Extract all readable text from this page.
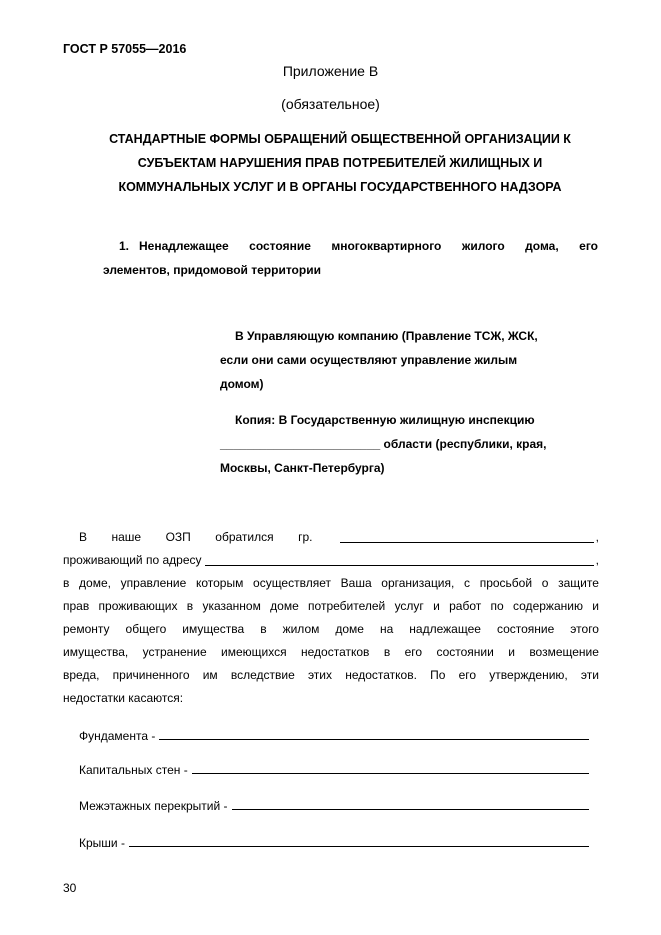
ГОСТ Р 57055—2016
Приложение В
(обязательное)
СТАНДАРТНЫЕ ФОРМЫ ОБРАЩЕНИЙ ОБЩЕСТВЕННОЙ ОРГАНИЗАЦИИ К
СУБЪЕКТАМ НАРУШЕНИЯ ПРАВ ПОТРЕБИТЕЛЕЙ ЖИЛИЩНЫХ И
КОММУНАЛЬНЫХ УСЛУГ И В ОРГАНЫ ГОСУДАРСТВЕННОГО НАДЗОРА
1. Ненадлежащее состояние многоквартирного жилого дома, его
элементов, придомовой территории
В Управляющую компанию (Правление ТСЖ, ЖСК,
если они сами осуществляют управление жилым
домом)
Копия: В Государственную жилищную инспекцию
________________________ области (республики, края,
Москвы, Санкт-Петербурга)
В наше ОЗП обратился гр.	,
проживающий по адресу	,
в доме, управление которым осуществляет Ваша организация, с просьбой о защите
прав проживающих в указанном доме потребителей услуг и работ по содержанию и
ремонту общего имущества в жилом доме на надлежащее состояние этого
имущества, устранение имеющихся недостатков в его состоянии и возмещение
вреда, причиненного им вследствие этих недостатков. По его утверждению, эти
недостатки касаются:
Фундамента -
Капитальных стен -
Межэтажных перекрытий -
Крыши -
30
